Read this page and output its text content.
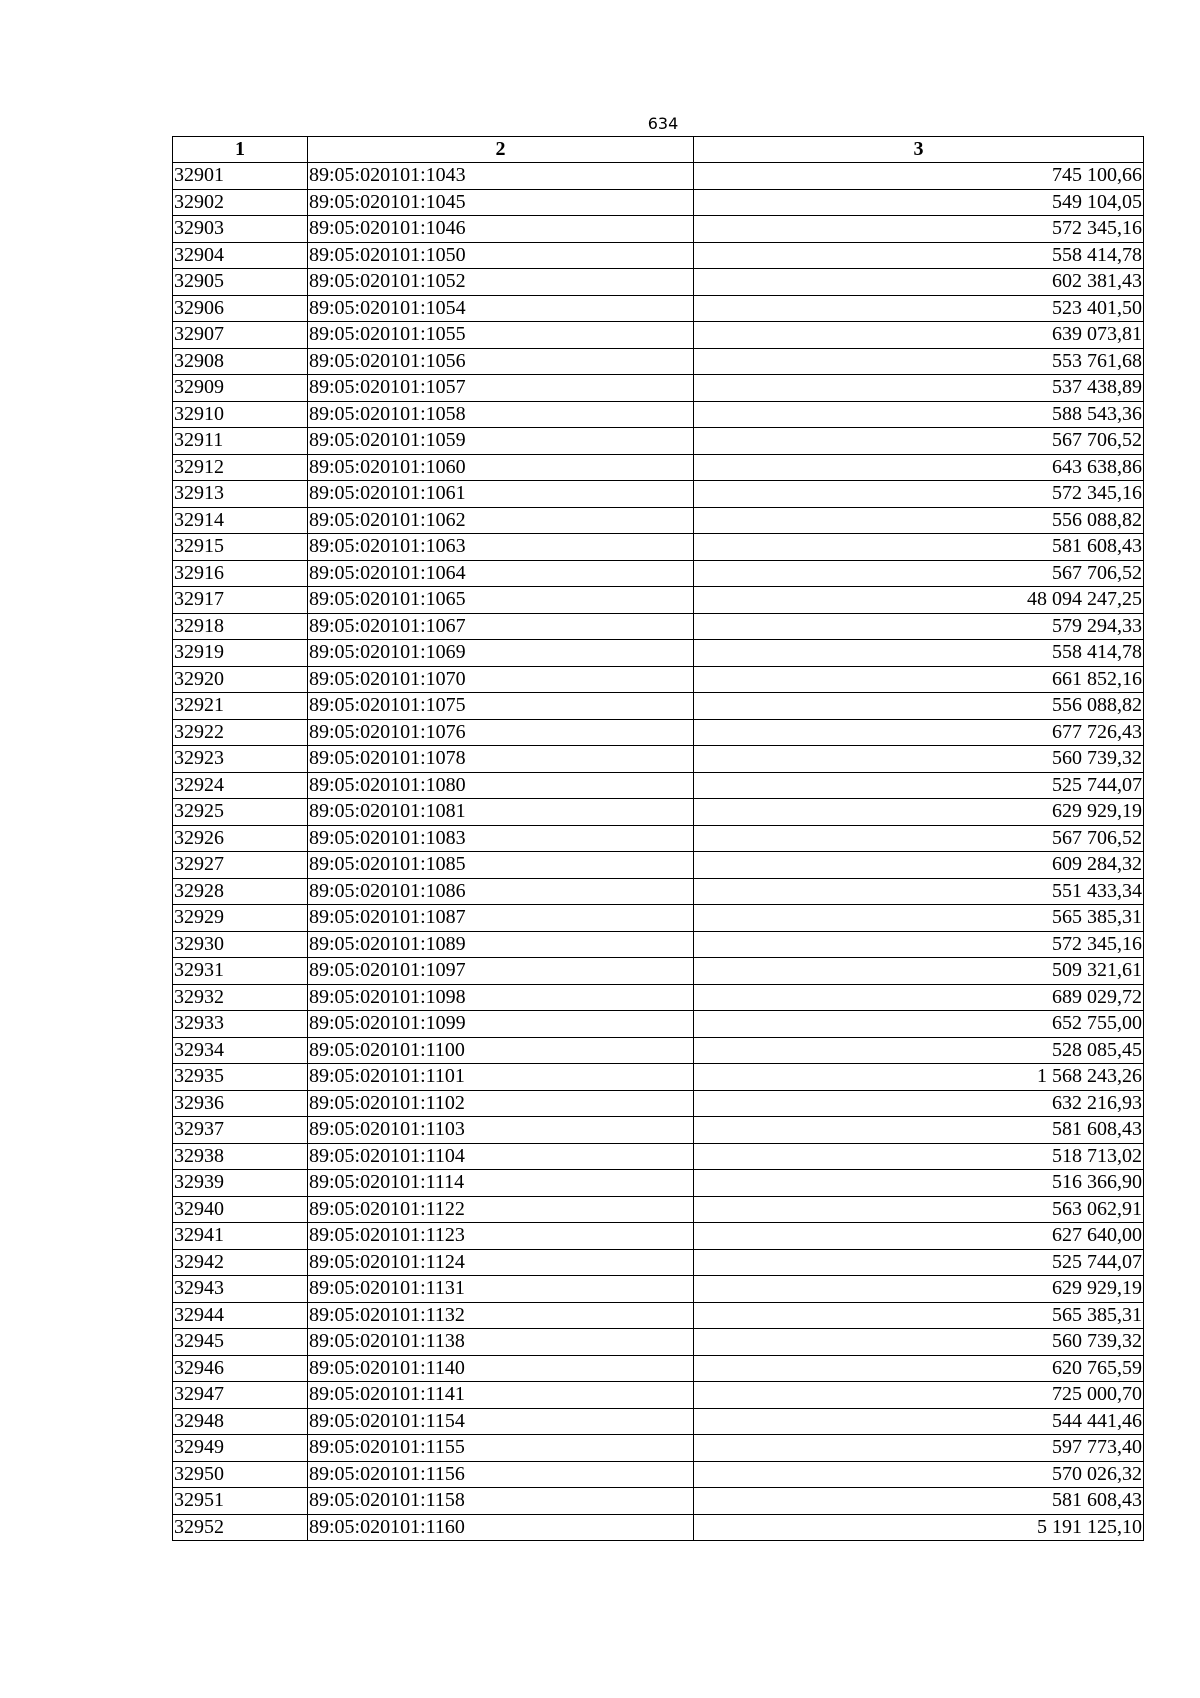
634
1	2	3
32901	89:05:020101:1043	745 100,66
32902	89:05:020101:1045	549 104,05
32903	89:05:020101:1046	572 345,16
32904	89:05:020101:1050	558 414,78
32905	89:05:020101:1052	602 381,43
32906	89:05:020101:1054	523 401,50
32907	89:05:020101:1055	639 073,81
32908	89:05:020101:1056	553 761,68
32909	89:05:020101:1057	537 438,89
32910	89:05:020101:1058	588 543,36
32911	89:05:020101:1059	567 706,52
32912	89:05:020101:1060	643 638,86
32913	89:05:020101:1061	572 345,16
32914	89:05:020101:1062	556 088,82
32915	89:05:020101:1063	581 608,43
32916	89:05:020101:1064	567 706,52
32917	89:05:020101:1065	48 094 247,25
32918	89:05:020101:1067	579 294,33
32919	89:05:020101:1069	558 414,78
32920	89:05:020101:1070	661 852,16
32921	89:05:020101:1075	556 088,82
32922	89:05:020101:1076	677 726,43
32923	89:05:020101:1078	560 739,32
32924	89:05:020101:1080	525 744,07
32925	89:05:020101:1081	629 929,19
32926	89:05:020101:1083	567 706,52
32927	89:05:020101:1085	609 284,32
32928	89:05:020101:1086	551 433,34
32929	89:05:020101:1087	565 385,31
32930	89:05:020101:1089	572 345,16
32931	89:05:020101:1097	509 321,61
32932	89:05:020101:1098	689 029,72
32933	89:05:020101:1099	652 755,00
32934	89:05:020101:1100	528 085,45
32935	89:05:020101:1101	1 568 243,26
32936	89:05:020101:1102	632 216,93
32937	89:05:020101:1103	581 608,43
32938	89:05:020101:1104	518 713,02
32939	89:05:020101:1114	516 366,90
32940	89:05:020101:1122	563 062,91
32941	89:05:020101:1123	627 640,00
32942	89:05:020101:1124	525 744,07
32943	89:05:020101:1131	629 929,19
32944	89:05:020101:1132	565 385,31
32945	89:05:020101:1138	560 739,32
32946	89:05:020101:1140	620 765,59
32947	89:05:020101:1141	725 000,70
32948	89:05:020101:1154	544 441,46
32949	89:05:020101:1155	597 773,40
32950	89:05:020101:1156	570 026,32
32951	89:05:020101:1158	581 608,43
32952	89:05:020101:1160	5 191 125,10
